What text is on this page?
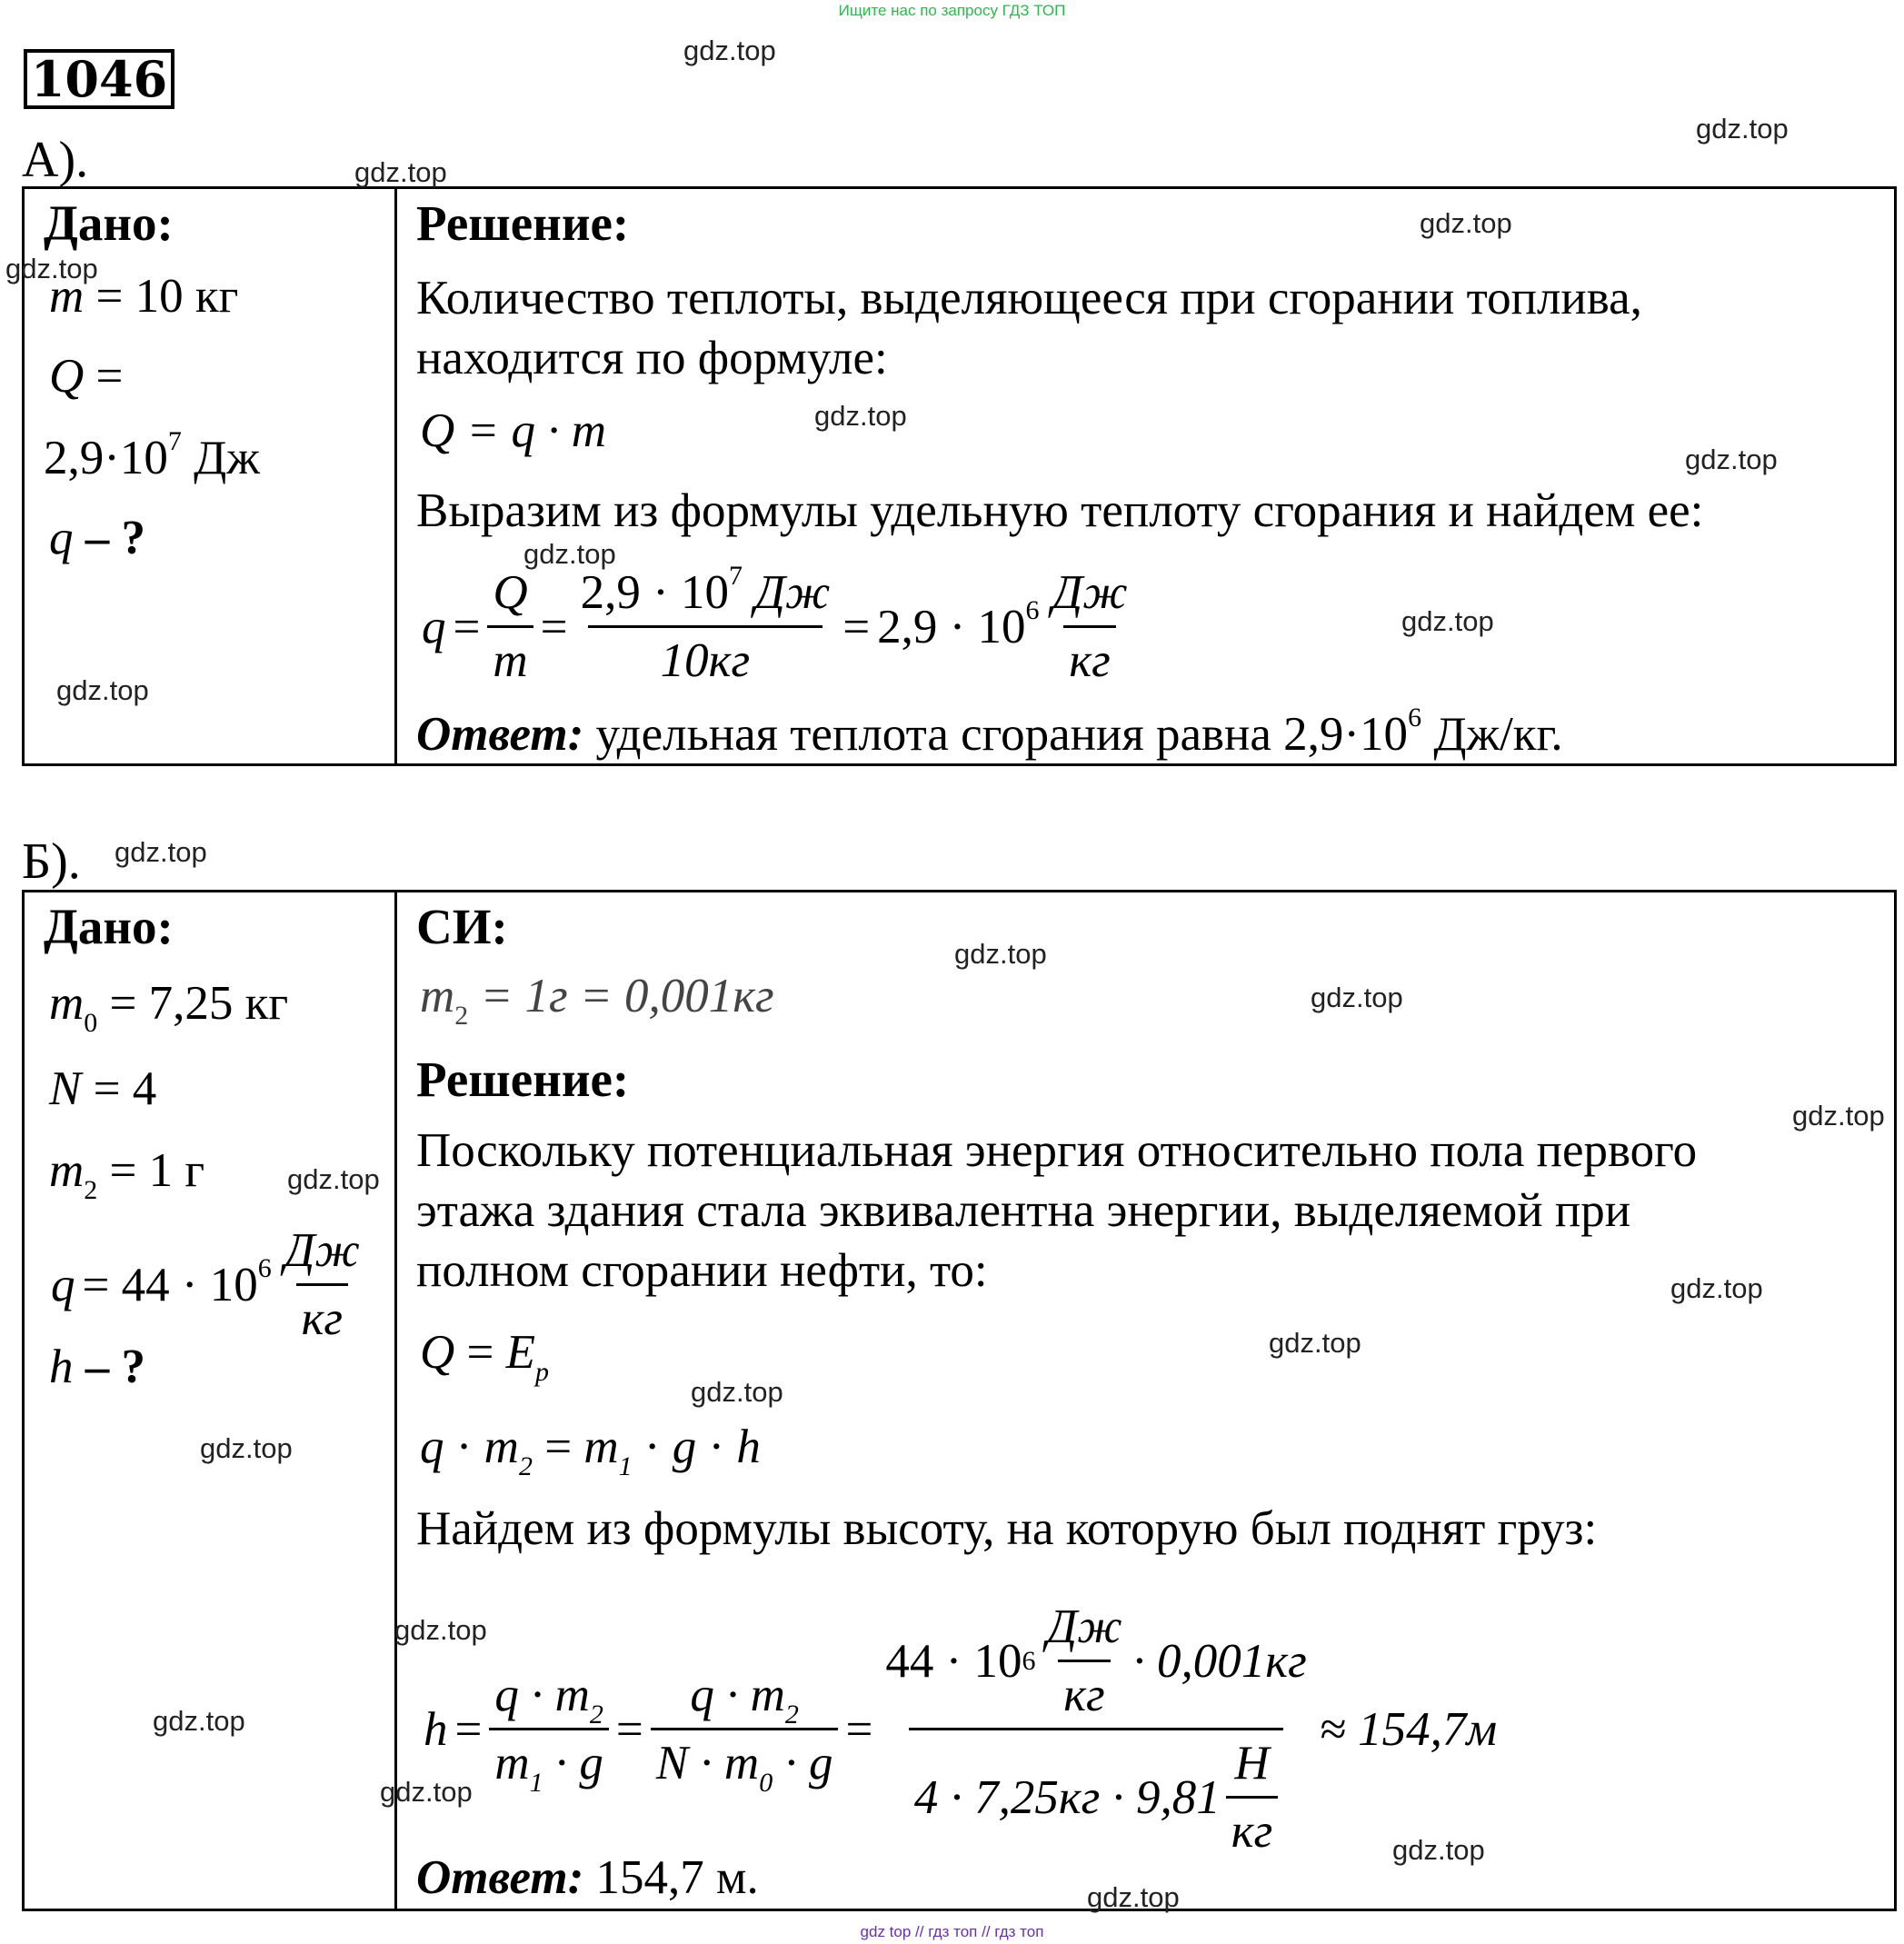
Ищите нас по запросу ГДЗ ТОП
1046
А).
Дано:
m = 10 кг
Q =
$2,9\cdot 10^7$ Дж
q – ?
Решение:
Количество теплоты, выделяющееся при сгорании топлива,
находится по формуле:
Q = q · m
Выразим из формулы удельную теплоту сгорания и найдем ее:
$q = \frac{Q}{m} = \frac{2,9 \cdot 10^7 Дж}{10кг} = 2,9 \cdot 10^6 \frac{Дж}{кг}$
Ответ: удельная теплота сгорания равна $2,9\cdot 10^6$ Дж/кг.
Б).
Дано:
$m_0 = 7,25$ кг
N = 4
$m_2 = 1$ г
$q = 44 \cdot 10^6 \frac{Дж}{кг}$
h – ?
СИ:
$m_2 = 1г = 0,001кг$
Решение:
Поскольку потенциальная энергия относительно пола первого
этажа здания стала эквивалентна энергии, выделяемой при
полном сгорании нефти, то:
$Q = E_p$
$q \cdot m_2 = m_1 \cdot g \cdot h$
Найдем из формулы высоту, на которую был поднят груз:
$h = \frac{q \cdot m_2}{m_1 \cdot g} = \frac{q \cdot m_2}{N \cdot m_0 \cdot g} = \frac{44 \cdot 10 6 \frac{Дж}{кг} \cdot 0,001кг}{4 \cdot 7,25кг \cdot 9,81 \frac{Н}{кг}} \approx 154,7м$
Ответ: 154,7 м.
gdz.top
gdz.top
gdz.top
gdz.top
gdz.top
gdz.top
gdz.top
gdz.top
gdz.top
gdz.top
gdz.top
gdz.top
gdz.top
gdz.top
gdz.top
gdz.top
gdz.top
gdz.top
gdz.top
gdz.top
gdz.top
gdz.top
gdz.top
gdz.top
gdz top // гдз топ // гдз топ
